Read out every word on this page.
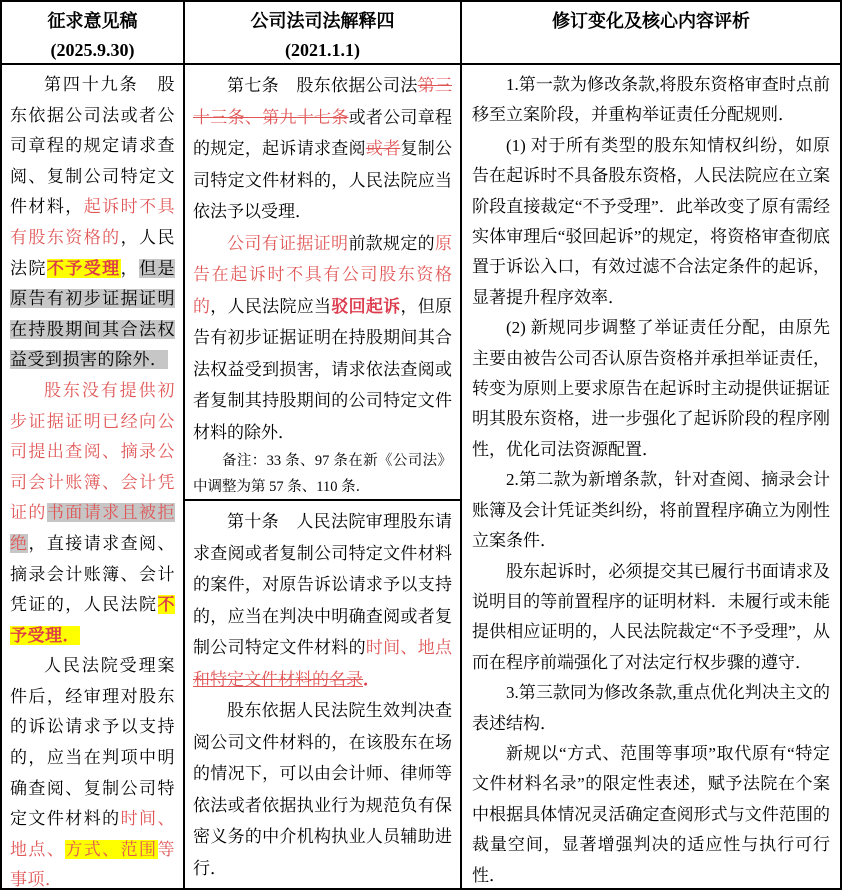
征求意见稿
(2025.9.30)
公司法司法解释四
(2021.1.1)
修订变化及核心内容评析

第四十九条　股东依据公司法或者公司章程的规定请求查阅、复制公司特定文件材料，起诉时不具有股东资格的，人民法院不予受理，但是原告有初步证据证明在持股期间其合法权益受到损害的除外．

股东没有提供初步证据证明已经向公司提出查阅、摘录公司会计账簿、会计凭证的书面请求且被拒绝，直接请求查阅、摘录会计账簿、会计凭证的，人民法院不予受理．

人民法院受理案件后，经审理对股东的诉讼请求予以支持的，应当在判项中明确查阅、复制公司特定文件材料的时间、地点、方式、范围等事项．

第七条　股东依据公司法第三十三条、第九十七条或者公司章程的规定，起诉请求查阅或者复制公司特定文件材料的，人民法院应当依法予以受理．

公司有证据证明前款规定的原告在起诉时不具有公司股东资格的，人民法院应当驳回起诉，但原告有初步证据证明在持股期间其合法权益受到损害，请求依法查阅或者复制其持股期间的公司特定文件材料的除外．

备注：33 条、97 条在新《公司法》中调整为第 57 条、110 条．

第十条　人民法院审理股东请求查阅或者复制公司特定文件材料的案件，对原告诉讼请求予以支持的，应当在判决中明确查阅或者复制公司特定文件材料的时间、地点和特定文件材料的名录．

股东依据人民法院生效判决查阅公司文件材料的，在该股东在场的情况下，可以由会计师、律师等依法或者依据执业行为规范负有保密义务的中介机构执业人员辅助进行．

1.第一款为修改条款,将股东资格审查时点前移至立案阶段，并重构举证责任分配规则．

(1) 对于所有类型的股东知情权纠纷，如原告在起诉时不具备股东资格，人民法院应在立案阶段直接裁定“不予受理”．此举改变了原有需经实体审理后“驳回起诉”的规定，将资格审查彻底置于诉讼入口，有效过滤不合法定条件的起诉，显著提升程序效率．

(2) 新规同步调整了举证责任分配，由原先主要由被告公司否认原告资格并承担举证责任，转变为原则上要求原告在起诉时主动提供证据证明其股东资格，进一步强化了起诉阶段的程序刚性，优化司法资源配置．

2.第二款为新增条款，针对查阅、摘录会计账簿及会计凭证类纠纷，将前置程序确立为刚性立案条件．

股东起诉时，必须提交其已履行书面请求及说明目的等前置程序的证明材料．未履行或未能提供相应证明的，人民法院裁定“不予受理”，从而在程序前端强化了对法定行权步骤的遵守．

3.第三款同为修改条款,重点优化判决主文的表述结构．

新规以“方式、范围等事项”取代原有“特定文件材料名录”的限定性表述，赋予法院在个案中根据具体情况灵活确定查阅形式与文件范围的裁量空间，显著增强判决的适应性与执行可行性．
